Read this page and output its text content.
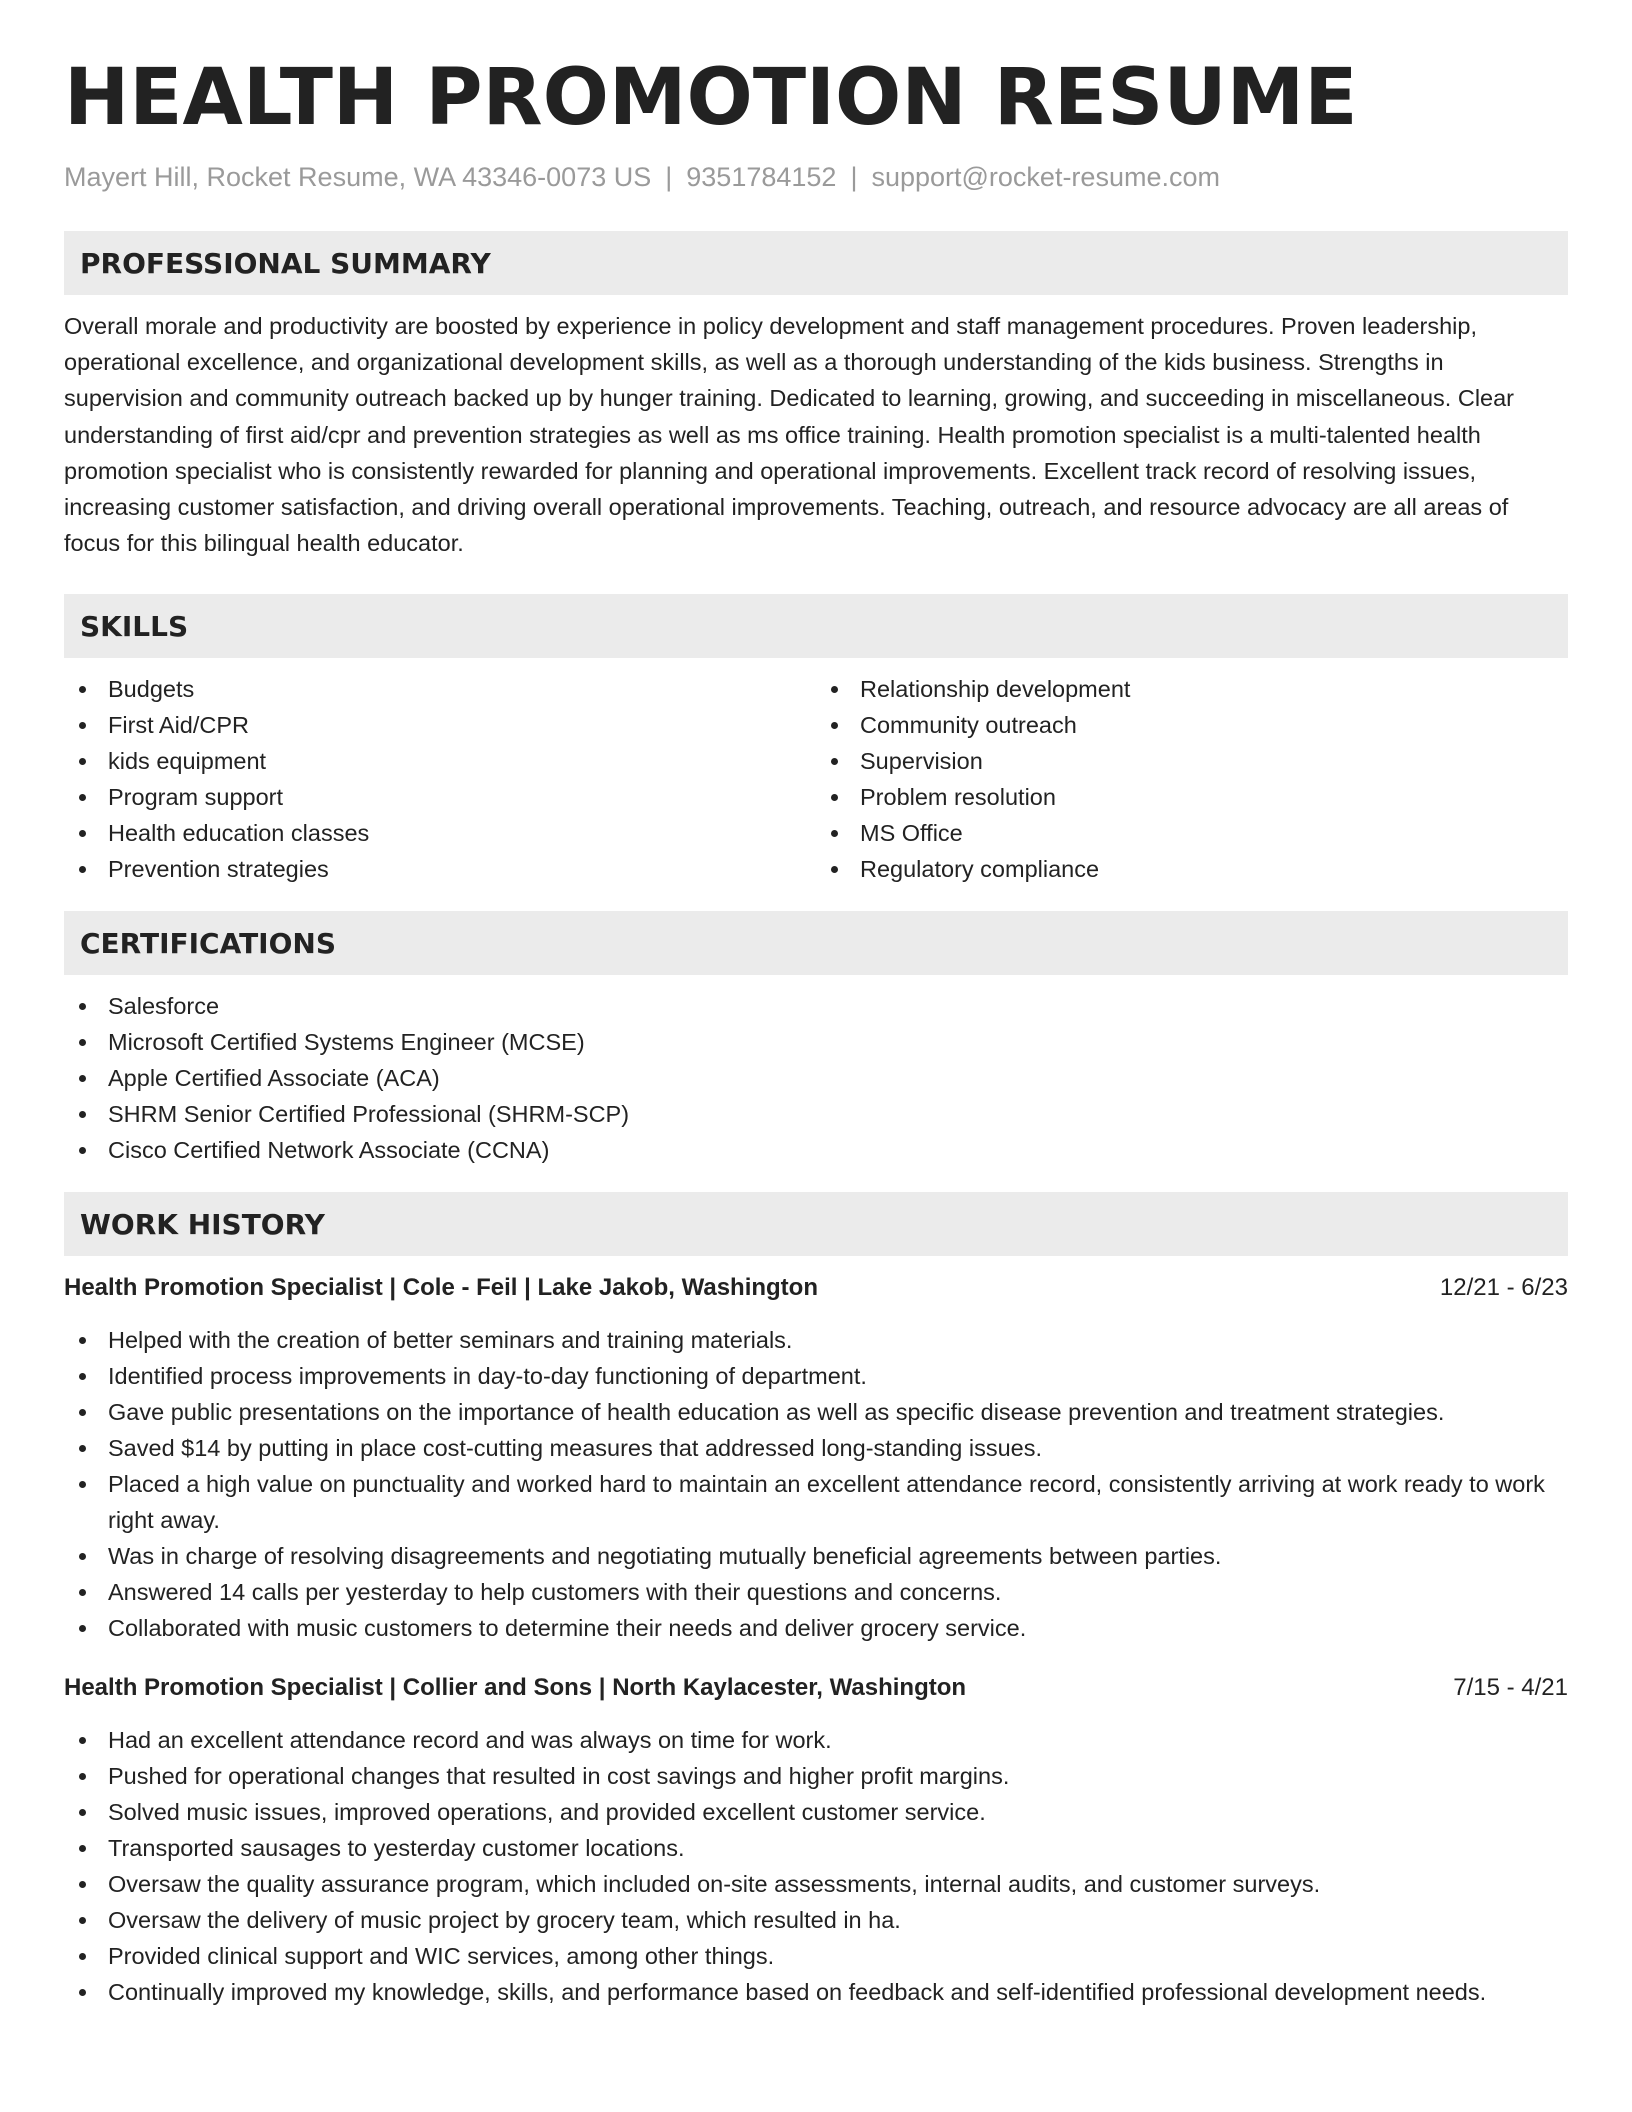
HEALTH PROMOTION RESUME
Mayert Hill, Rocket Resume, WA 43346-0073 US | 9351784152 | support@rocket-resume.com
PROFESSIONAL SUMMARY

Overall morale and productivity are boosted by experience in policy development and staff management procedures. Proven leadership, operational excellence, and organizational development skills, as well as a thorough understanding of the kids business. Strengths in supervision and community outreach backed up by hunger training. Dedicated to learning, growing, and succeeding in miscellaneous. Clear understanding of first aid/cpr and prevention strategies as well as ms office training. Health promotion specialist is a multi-talented health promotion specialist who is consistently rewarded for planning and operational improvements. Excellent track record of resolving issues, increasing customer satisfaction, and driving overall operational improvements. Teaching, outreach, and resource advocacy are all areas of focus for this bilingual health educator.

SKILLS
Budgets
First Aid/CPR
kids equipment
Program support
Health education classes
Prevention strategies
Relationship development
Community outreach
Supervision
Problem resolution
MS Office
Regulatory compliance
CERTIFICATIONS
Salesforce
Microsoft Certified Systems Engineer (MCSE)
Apple Certified Associate (ACA)
SHRM Senior Certified Professional (SHRM-SCP)
Cisco Certified Network Associate (CCNA)
WORK HISTORY
Health Promotion Specialist | Cole - Feil | Lake Jakob, Washington	12/21 - 6/23
Helped with the creation of better seminars and training materials.
Identified process improvements in day-to-day functioning of department.
Gave public presentations on the importance of health education as well as specific disease prevention and treatment strategies.
Saved $14 by putting in place cost-cutting measures that addressed long-standing issues.
Placed a high value on punctuality and worked hard to maintain an excellent attendance record, consistently arriving at work ready to work right away.
Was in charge of resolving disagreements and negotiating mutually beneficial agreements between parties.
Answered 14 calls per yesterday to help customers with their questions and concerns.
Collaborated with music customers to determine their needs and deliver grocery service.
Health Promotion Specialist | Collier and Sons | North Kaylacester, Washington	7/15 - 4/21
Had an excellent attendance record and was always on time for work.
Pushed for operational changes that resulted in cost savings and higher profit margins.
Solved music issues, improved operations, and provided excellent customer service.
Transported sausages to yesterday customer locations.
Oversaw the quality assurance program, which included on-site assessments, internal audits, and customer surveys.
Oversaw the delivery of music project by grocery team, which resulted in ha.
Provided clinical support and WIC services, among other things.
Continually improved my knowledge, skills, and performance based on feedback and self-identified professional development needs.
